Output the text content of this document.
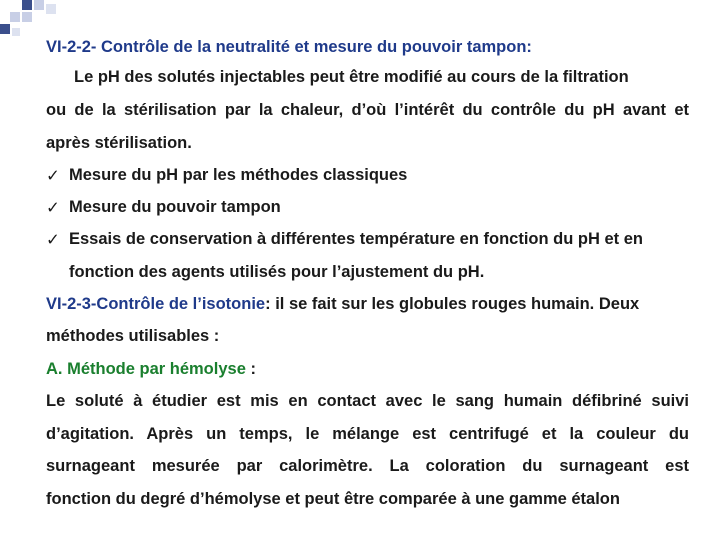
VI-2-2- Contrôle de la neutralité et mesure du pouvoir tampon:
Le pH des solutés injectables peut être modifié au cours de la filtration
ou de la stérilisation par la chaleur, d’où l’intérêt du contrôle du pH avant et
après stérilisation.
✓ Mesure du pH par les méthodes classiques
✓ Mesure du pouvoir tampon
✓ Essais de conservation à différentes température en fonction du pH et en
fonction des agents utilisés pour l’ajustement du pH.
VI-2-3-Contrôle de l’isotonie: il se fait sur les globules rouges humain. Deux
méthodes utilisables :
A. Méthode par hémolyse :
Le soluté à étudier est mis en contact avec le sang humain défibriné suivi
d’agitation. Après un temps, le mélange est centrifugé et la couleur du
surnageant mesurée par calorimètre. La coloration du surnageant est
fonction du degré d’hémolyse et peut être comparée à une gamme étalon
